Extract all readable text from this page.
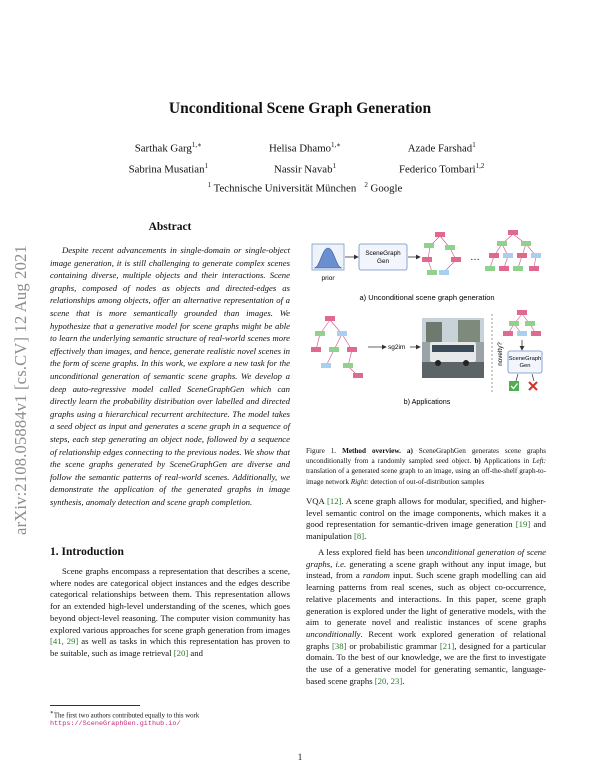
arXiv:2108.05884v1 [cs.CV] 12 Aug 2021
Unconditional Scene Graph Generation
Sarthak Garg$^{1,∗}$	Helisa Dhamo$^{1,∗}$	Azade Farshad$^1$
Sabrina Musatian$^1$	Nassir Navab$^1$	Federico Tombari$^{1,2}$
$^1$ Technische Universität München $^2$ Google
Abstract

Despite recent advancements in single-domain or single-object image generation, it is still challenging to generate complex scenes containing diverse, multiple objects and their interactions. Scene graphs, composed of nodes as objects and directed-edges as relationships among objects, offer an alternative representation of a scene that is more semantically grounded than images. We hypothesize that a generative model for scene graphs might be able to learn the underlying semantic structure of real-world scenes more effectively than images, and hence, generate realistic novel scenes in the form of scene graphs. In this work, we explore a new task for the unconditional generation of semantic scene graphs. We develop a deep auto-regressive model called SceneGraphGen which can directly learn the probability distribution over labelled and directed graphs using a hierarchical recurrent architecture. The model takes a seed object as input and generates a scene graph in a sequence of steps, each step generating an object node, followed by a sequence of relationship edges connecting to the previous nodes. We show that the scene graphs generated by SceneGraphGen are diverse and follow the semantic patterns of real-world scenes. Additionally, we demonstrate the application of the generated graphs in image synthesis, anomaly detection and scene graph completion.

1. Introduction

Scene graphs encompass a representation that describes a scene, where nodes are categorical object instances and the edges describe categorical relationships between them. This representation allows for an extended high-level understanding of the scenes, which goes beyond object-level reasoning. The computer vision community has explored various approaches for scene graph generation from images [41, 29] as well as tasks in which this representation has proven to be suitable, such as image retrieval [20] and

∗The first two authors contributed equally to this work
https://SceneGraphGen.github.io/
prior
SceneGraph Gen	…
a) Unconditional scene graph generation
sg2im	novelty? SceneGraph Gen
b) Applications
Figure 1. Method overview. a) SceneGraphGen generates scene graphs unconditionally from a randomly sampled seed object. b) Applications in Left: translation of a generated scene graph to an image, using an off-the-shelf graph-to-image network Right: detection of out-of-distribution samples

VQA [12]. A scene graph allows for modular, specified, and higher-level semantic control on the image components, which makes it a good representation for semantic-driven image generation [19] and manipulation [8].

A less explored field has been unconditional generation of scene graphs, i.e. generating a scene graph without any input image, but instead, from a random input. Such scene graph modelling can aid learning patterns from real scenes, such as object co-occurrence, relative placements and interactions. In this paper, scene graph generation is explored under the light of generative models, with the aim to generate novel and realistic instances of scene graphs unconditionally. Recent work explored generation of relational graphs [38] or probabilistic grammar [21], designed for a particular domain. To the best of our knowledge, we are the first to investigate the use of a generative model for generating semantic, language-based scene graphs [20, 23].

1
